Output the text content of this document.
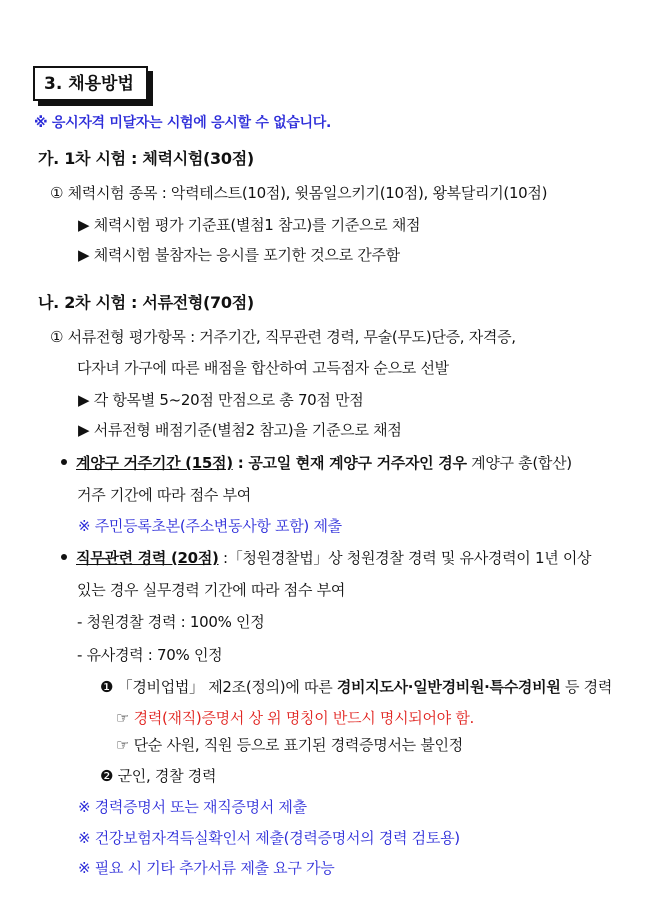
3. 채용방법
※ 응시자격 미달자는 시험에 응시할 수 없습니다.
가. 1차 시험 : 체력시험(30점)
① 체력시험 종목 : 악력테스트(10점), 윗몸일으키기(10점), 왕복달리기(10점)
▶ 체력시험 평가 기준표(별첨1 참고)를 기준으로 채점
▶ 체력시험 불참자는 응시를 포기한 것으로 간주함
나. 2차 시험 : 서류전형(70점)
① 서류전형 평가항목 : 거주기간, 직무관련 경력, 무술(무도)단증, 자격증,
다자녀 가구에 따른 배점을 합산하여 고득점자 순으로 선발
▶ 각 항목별 5~20점 만점으로 총 70점 만점
▶ 서류전형 배점기준(별첨2 참고)을 기준으로 채점
계양구 거주기간 (15점) : 공고일 현재 계양구 거주자인 경우 계양구 총(합산)
거주 기간에 따라 점수 부여
※ 주민등록초본(주소변동사항 포함) 제출
직무관련 경력 (20점) :「청원경찰법」상 청원경찰 경력 및 유사경력이 1년 이상
있는 경우 실무경력 기간에 따라 점수 부여
- 청원경찰 경력 : 100% 인정
- 유사경력 : 70% 인정
❶ 「경비업법」 제2조(정의)에 따른 경비지도사·일반경비원·특수경비원 등 경력
☞ 경력(재직)증명서 상 위 명칭이 반드시 명시되어야 함.
☞ 단순 사원, 직원 등으로 표기된 경력증명서는 불인정
❷ 군인, 경찰 경력
※ 경력증명서 또는 재직증명서 제출
※ 건강보험자격득실확인서 제출(경력증명서의 경력 검토용)
※ 필요 시 기타 추가서류 제출 요구 가능
